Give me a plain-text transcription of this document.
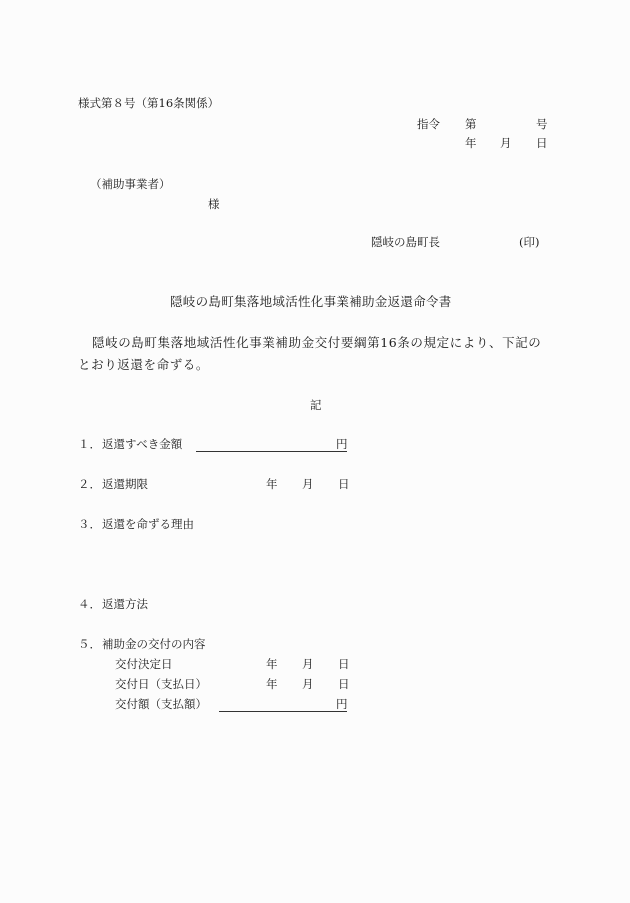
様式第８号（第16条関係）
指令 第	号
年 月 日
（補助事業者）
様
隠岐の島町長	(印)
隠岐の島町集落地域活性化事業補助金返還命令書
隠岐の島町集落地域活性化事業補助金交付要綱第16条の規定により、下記の
とおり返還を命ずる。
記
１． 返還すべき金額	円
２． 返還期限	年 月 日
３． 返還を命ずる理由
４． 返還方法
５． 補助金の交付の内容
交付決定日	年 月 日
交付日（支払日）	年 月 日
交付額（支払額）	円
